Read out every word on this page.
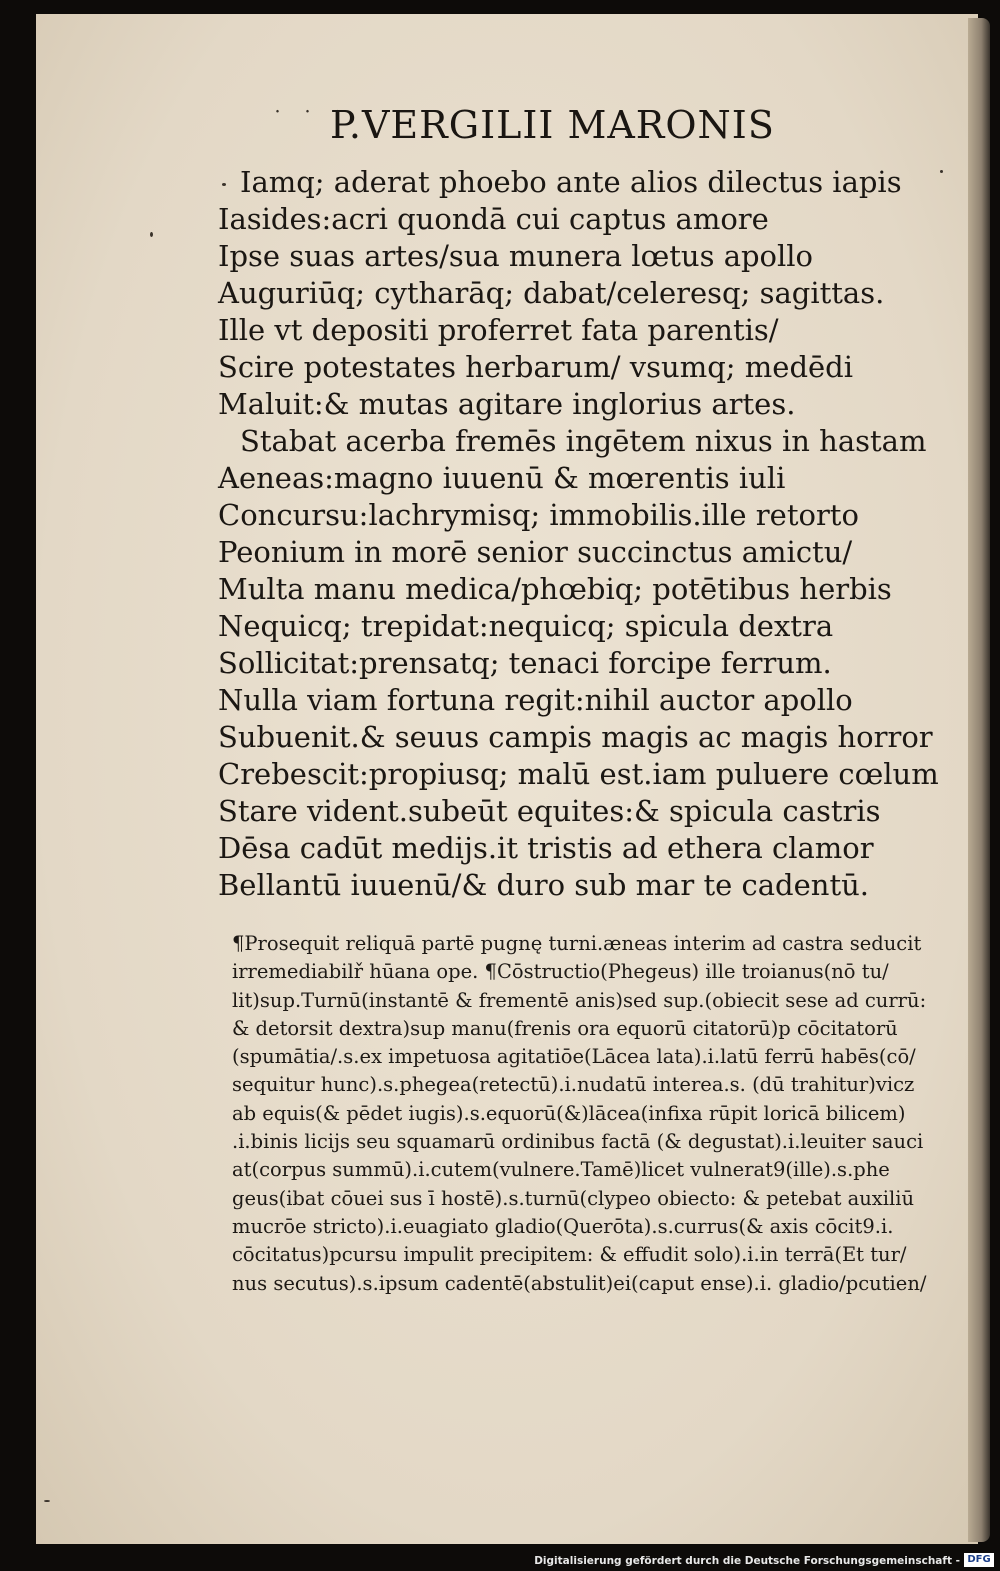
˙ ˙ ˙
P.VERGILII MARONIS
Iamq; aderat phoebo ante alios dilectus iapis
Iasides:acri quondā cui captus amore
Ipse suas artes/sua munera lœtus apollo
Auguriūq; cytharāq; dabat/celeresq; sagittas.
Ille vt depositi proferret fata parentis/
Scire potestates herbarum/ vsumq; medēdi
Maluit:& mutas agitare inglorius artes.
Stabat acerba fremēs ingētem nixus in hastam
Aeneas:magno iuuenū & mœrentis iuli
Concursu:lachrymisq; immobilis.ille retorto
Peonium in morē senior succinctus amictu/
Multa manu medica/phœbiq; potētibus herbis
Nequicq; trepidat:nequicq; spicula dextra
Sollicitat:prensatq; tenaci forcipe ferrum.
Nulla viam fortuna regit:nihil auctor apollo
Subuenit.& seuus campis magis ac magis horror
Crebescit:propiusq; malū est.iam puluere cœlum
Stare vident.subeūt equites:& spicula castris
Dēsa cadūt medijs.it tristis ad ethera clamor
Bellantū iuuenū/& duro sub mar te cadentū.
¶Prosequit reliquā partē pugnę turni.æneas interim ad castra seducit
irremediabilř hūana ope. ¶Cōstructio(Phegeus) ille troianus(nō tu/
lit)sup.Turnū(instantē & frementē anis)sed sup.(obiecit sese ad currū:
& detorsit dextra)sup manu(frenis ora equorū citatorū)p cōcitatorū
(spumātia/.s.ex impetuosa agitatiōe(Lācea lata).i.latū ferrū habēs(cō/
sequitur hunc).s.phegea(retectū).i.nudatū interea.s. (dū trahitur)vicz
ab equis(& pēdet iugis).s.equorū(&)lācea(infixa rūpit loricā bilicem)
.i.binis licijs seu squamarū ordinibus factā (& degustat).i.leuiter sauci
at(corpus summū).i.cutem(vulnere.Tamē)licet vulnerat9(ille).s.phe
geus(ibat cōuei sus ī hostē).s.turnū(clypeo obiecto: & petebat auxiliū
mucrōe stricto).i.euagiato gladio(Querōta).s.currus(& axis cōcit9.i.
cōcitatus)pcursu impulit precipitem: & effudit solo).i.in terrā(Et tur/
nus secutus).s.ipsum cadentē(abstulit)ei(caput ense).i. gladio/pcutien/
Digitalisierung gefördert durch die Deutsche Forschungsgemeinschaft - DFG
